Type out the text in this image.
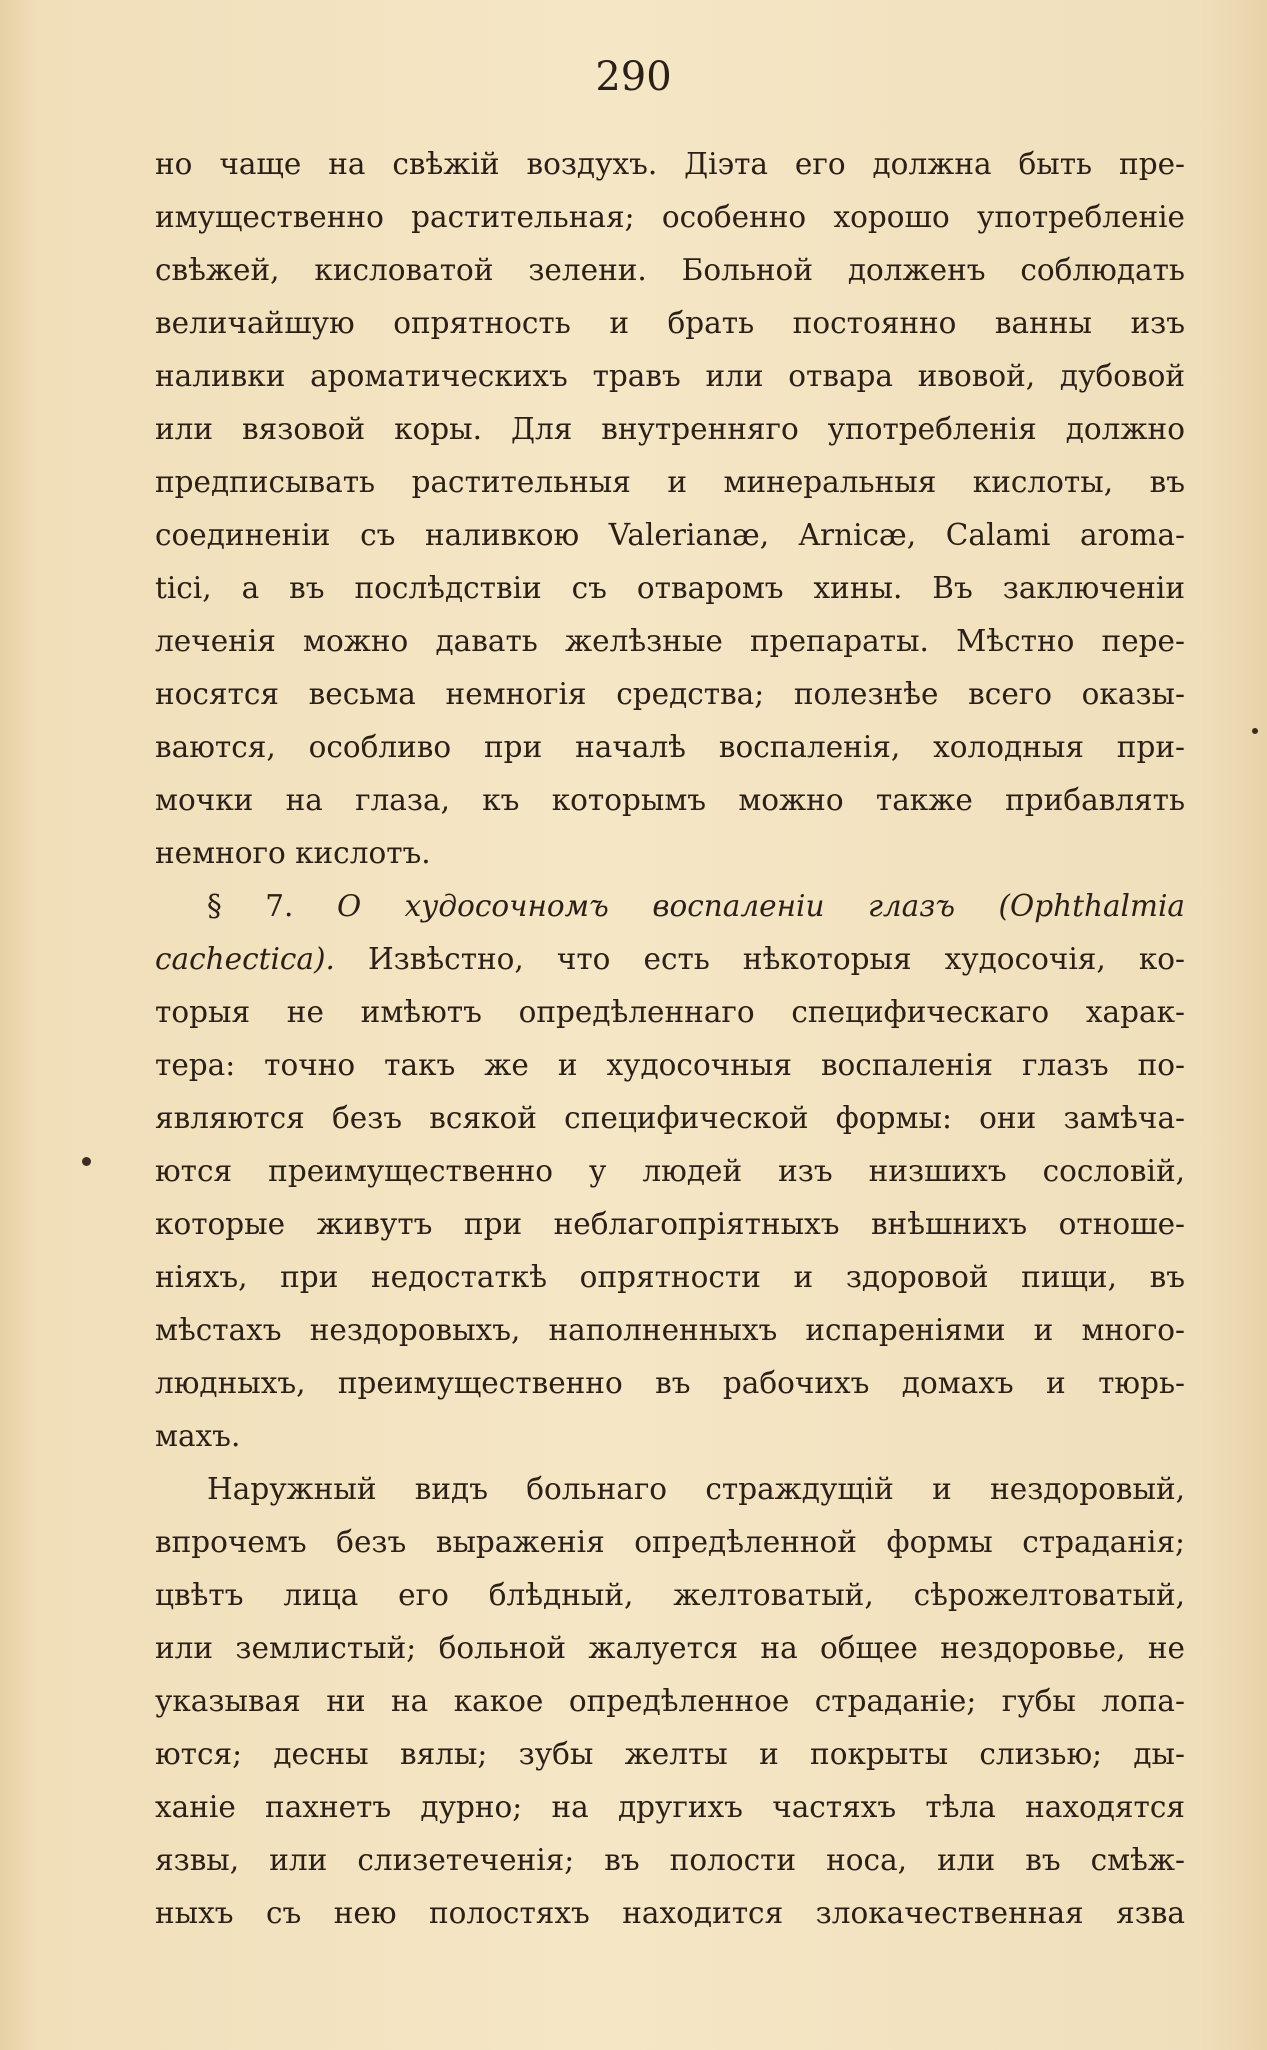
290
но чаще на свѣжій воздухъ. Діэта его должна быть пре-
имущественно растительная; особенно хорошо употребленіе
свѣжей, кисловатой зелени. Больной долженъ соблюдать
величайшую опрятность и брать постоянно ванны изъ
наливки ароматическихъ травъ или отвара ивовой, дубовой
или вязовой коры. Для внутренняго употребленія должно
предписывать растительныя и минеральныя кислоты, въ
соединеніи съ наливкою Valerianæ, Arnicæ, Calami aroma-
tici, а въ послѣдствіи съ отваромъ хины. Въ заключеніи
леченія можно давать желѣзные препараты. Мѣстно пере-
носятся весьма немногія средства; полезнѣе всего оказы-
ваются, особливо при началѣ воспаленія, холодныя при-
мочки на глаза, къ которымъ можно также прибавлять
немного кислотъ.
§ 7. О худосочномъ воспаленіи глазъ (Ophthalmia
cachectica). Извѣстно, что есть нѣкоторыя худосочія, ко-
торыя не имѣютъ опредѣленнаго специфическаго харак-
тера: точно такъ же и худосочныя воспаленія глазъ по-
являются безъ всякой специфической формы: они замѣча-
ются преимущественно у людей изъ низшихъ сословій,
которые живутъ при неблагопріятныхъ внѣшнихъ отноше-
ніяхъ, при недостаткѣ опрятности и здоровой пищи, въ
мѣстахъ нездоровыхъ, наполненныхъ испареніями и много-
людныхъ, преимущественно въ рабочихъ домахъ и тюрь-
махъ.
Наружный видъ больнаго страждущій и нездоровый,
впрочемъ безъ выраженія опредѣленной формы страданія;
цвѣтъ лица его блѣдный, желтоватый, сѣрожелтоватый,
или землистый; больной жалуется на общее нездоровье, не
указывая ни на какое опредѣленное страданіе; губы лопа-
ются; десны вялы; зубы желты и покрыты слизью; ды-
ханіе пахнетъ дурно; на другихъ частяхъ тѣла находятся
язвы, или слизетеченія; въ полости носа, или въ смѣж-
ныхъ съ нею полостяхъ находится злокачественная язва
